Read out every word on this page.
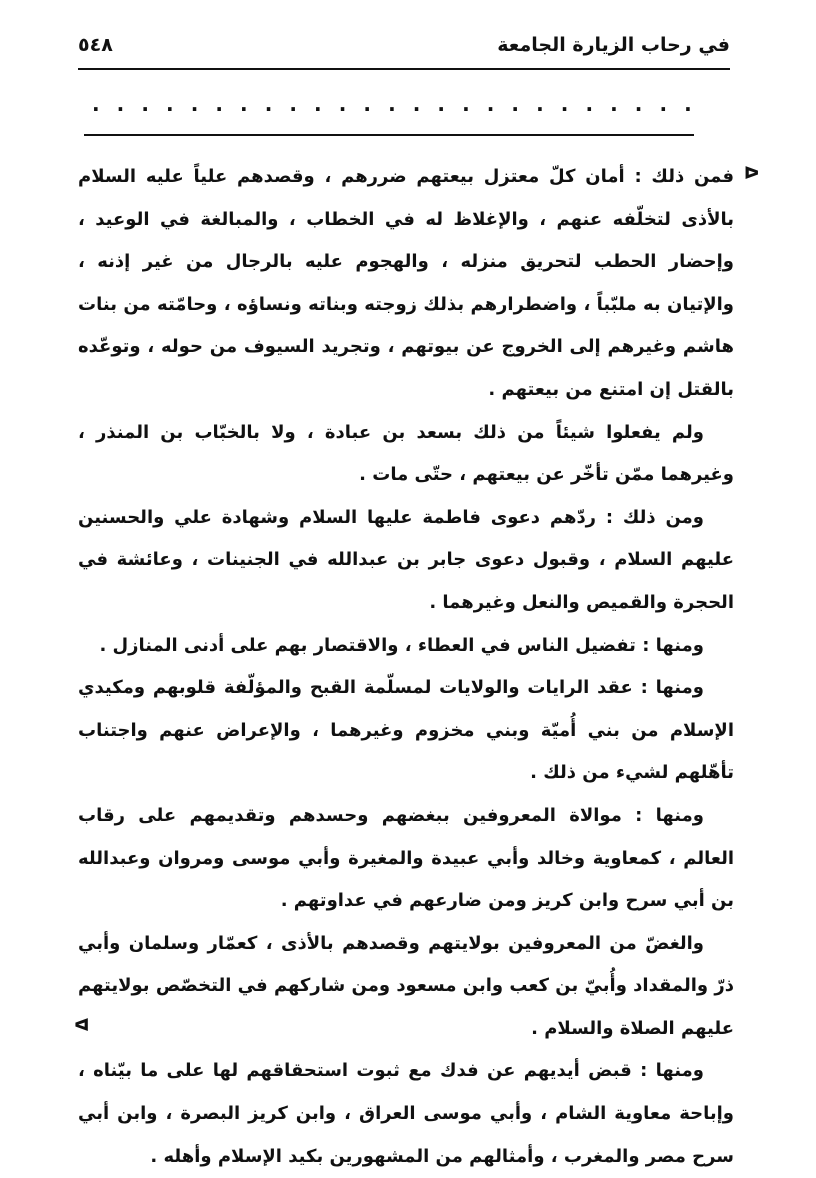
في رحاب الزيارة الجامعة
٥٤٨
. . . . . . . . . . . . . . . . . . . . . . . . .
ᐅ

فمن ذلك : أمان كلّ معتزل بيعتهم ضررهم ، وقصدهم علياً عليه السلام بالأذى لتخلّفه عنهم ، والإغلاظ له في الخطاب ، والمبالغة في الوعيد ، وإحضار الحطب لتحريق منزله ، والهجوم عليه بالرجال من غير إذنه ، والإتيان به ملبّباً ، واضطرارهم بذلك زوجته وبناته ونساؤه ، وحامّته من بنات هاشم وغيرهم إلى الخروج عن بيوتهم ، وتجريد السيوف من حوله ، وتوعّده بالقتل إن امتنع من بيعتهم .

ولم يفعلوا شيئاً من ذلك بسعد بن عبادة ، ولا بالخبّاب بن المنذر ، وغيرهما ممّن تأخّر عن بيعتهم ، حتّى مات .

ومن ذلك : ردّهم دعوى فاطمة عليها السلام وشهادة علي والحسنين عليهم السلام ، وقبول دعوى جابر بن عبدالله في الجنينات ، وعائشة في الحجرة والقميص والنعل وغيرهما .

ومنها : تفضيل الناس في العطاء ، والاقتصار بهم على أدنى المنازل .

ومنها : عقد الرايات والولايات لمسلّمة القبح والمؤلّفة قلوبهم ومكيدي الإسلام من بني أُميّة وبني مخزوم وغيرهما ، والإعراض عنهم واجتناب تأهّلهم لشيء من ذلك .

ومنها : موالاة المعروفين ببغضهم وحسدهم وتقديمهم على رقاب العالم ، كمعاوية وخالد وأبي عبيدة والمغيرة وأبي موسى ومروان وعبدالله بن أبي سرح وابن كريز ومن ضارعهم في عداوتهم .

والغضّ من المعروفين بولايتهم وقصدهم بالأذى ، كعمّار وسلمان وأبي ذرّ والمقداد وأُبيّ بن كعب وابن مسعود ومن شاركهم في التخصّص بولايتهم عليهم الصلاة والسلام .

ومنها : قبض أيديهم عن فدك مع ثبوت استحقاقهم لها على ما بيّناه ، وإباحة معاوية الشام ، وأبي موسى العراق ، وابن كريز البصرة ، وابن أبي سرح مصر والمغرب ، وأمثالهم من المشهورين بكيد الإسلام وأهله .

ᐊ
